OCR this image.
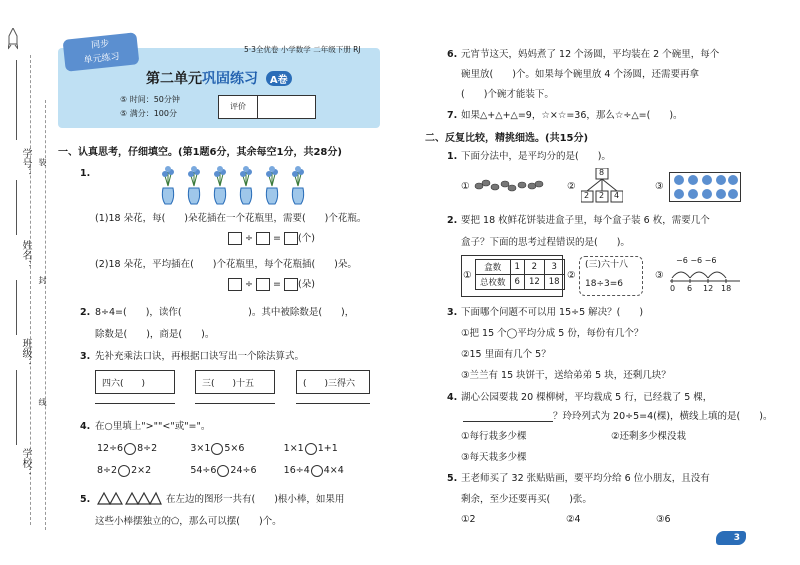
学号：
姓名：
班级：
学校：
装
封
线
同步
单元练习
5·3全优卷 小学数学 二年级下册 RJ
第二单元巩固练习 A卷
⑤ 时间：50分钟
⑤ 满分：100分
评价
一、认真思考，仔细填空。(第1题6分，其余每空1分，共28分)
1.
(1)18 朵花，每(　　)朵花插在一个花瓶里，需要(　　)个花瓶。
÷  = (个)
(2)18 朵花，平均插在(　　)个花瓶里，每个花瓶插(　　)朵。
÷  = (朵)
2. 8÷4=(　　)，读作(　　　　　　　)。其中被除数是(　　)，
除数是(　　)，商是(　　)。
3. 先补充乘法口诀，再根据口诀写出一个除法算式。
四六(　　)	三(　　)十五	(　　)三得六
4. 在○里填上">""<"或"="。
12÷6 8÷2	3×1 5×6	1×1 1+1
8÷2 2×2	54÷6 24÷6	16÷4 4×4
5.	在左边的图形一共有(　　)根小棒，如果用
这些小棒摆独立的⬠，那么可以摆(　　)个。
6. 元宵节这天，妈妈煮了 12 个汤圆，平均装在 2 个碗里，每个
碗里放(　　)个。如果每个碗里放 4 个汤圆，还需要再拿
(　　)个碗才能装下。
7. 如果△+△+△=9，☆×☆=36，那么☆÷△=(　　)。
二、反复比较，精挑细选。(共15分)
1. 下面分法中，是平均分的是(　　)。
①	②
8
2 2 4
③
2. 要把 18 枚鲜花饼装进盒子里，每个盒子装 6 枚，需要几个
盒子？下面的思考过程错误的是(　　)。
①
盒数	1	2	3
总枚数	6	12	18
②
(三)六十八
18÷3=6
③
−6 −6 −6
0 6 12 18
3. 下面哪个问题不可以用 15÷5 解决？(　　)
①把 15 个◯平均分成 5 份，每份有几个？
②15 里面有几个 5？
③兰兰有 15 块饼干，送给弟弟 5 块，还剩几块？
4. 湖心公园要栽 20 棵柳树，平均栽成 5 行，已经栽了 5 棵，
？玲玲列式为 20÷5=4(棵)，横线上填的是(　　)。
①每行栽多少棵	②还剩多少棵没栽
③每天栽多少棵
5. 王老师买了 32 张贴贴画，要平均分给 6 位小朋友，且没有
剩余，至少还要再买(　　)张。
①2	②4	③6
3
